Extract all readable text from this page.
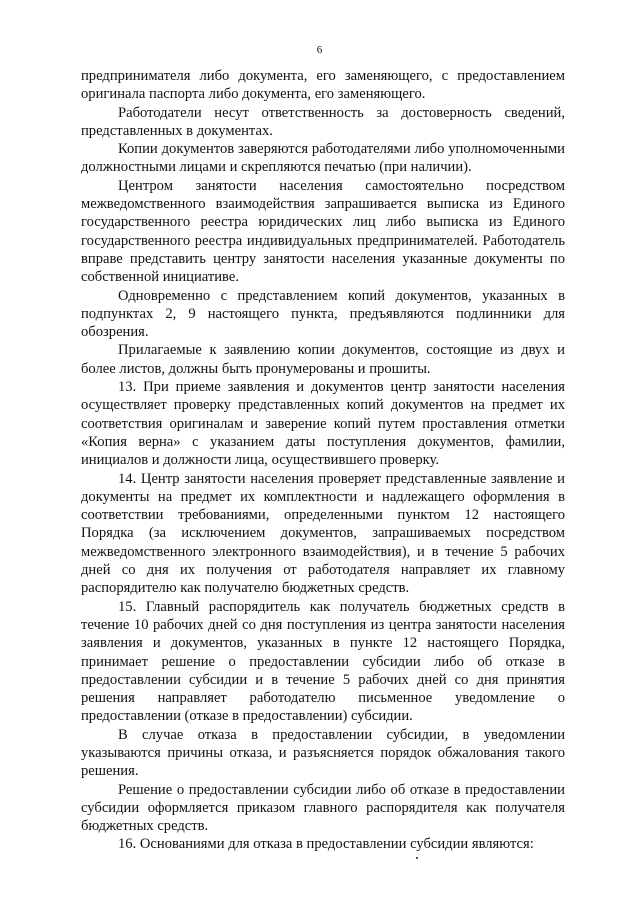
6

предпринимателя либо документа, его заменяющего, с предоставлением оригинала паспорта либо документа, его заменяющего.

Работодатели несут ответственность за достоверность сведений, представленных в документах.

Копии документов заверяются работодателями либо уполномоченными должностными лицами и скрепляются печатью (при наличии).

Центром занятости населения самостоятельно посредством межведомственного взаимодействия запрашивается выписка из Единого государственного реестра юридических лиц либо выписка из Единого государственного реестра индивидуальных предпринимателей. Работодатель вправе представить центру занятости населения указанные документы по собственной инициативе.

Одновременно с представлением копий документов, указанных в подпунктах 2, 9 настоящего пункта, предъявляются подлинники для обозрения.

Прилагаемые к заявлению копии документов, состоящие из двух и более листов, должны быть пронумерованы и прошиты.

13. При приеме заявления и документов центр занятости населения осуществляет проверку представленных копий документов на предмет их соответствия оригиналам и заверение копий путем проставления отметки «Копия верна» с указанием даты поступления документов, фамилии, инициалов и должности лица, осуществившего проверку.

14. Центр занятости населения проверяет представленные заявление и документы на предмет их комплектности и надлежащего оформления в соответствии требованиями, определенными пунктом 12 настоящего Порядка (за исключением документов, запрашиваемых посредством межведомственного электронного взаимодействия), и в течение 5 рабочих дней со дня их получения от работодателя направляет их главному распорядителю как получателю бюджетных средств.

15. Главный распорядитель как получатель бюджетных средств в течение 10 рабочих дней со дня поступления из центра занятости населения заявления и документов, указанных в пункте 12 настоящего Порядка, принимает решение о предоставлении субсидии либо об отказе в предоставлении субсидии и в течение 5 рабочих дней со дня принятия решения направляет работодателю письменное уведомление о предоставлении (отказе в предоставлении) субсидии.

В случае отказа в предоставлении субсидии, в уведомлении указываются причины отказа, и разъясняется порядок обжалования такого решения.

Решение о предоставлении субсидии либо об отказе в предоставлении субсидии оформляется приказом главного распорядителя как получателя бюджетных средств.

16. Основаниями для отказа в предоставлении субсидии являются:
